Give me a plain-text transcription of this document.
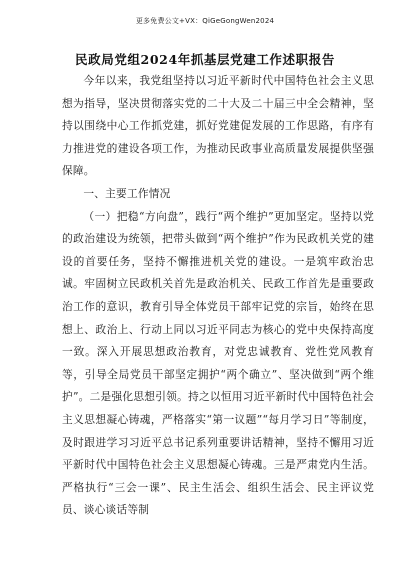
更多免费公文+VX：QiGeGongWen2024
民政局党组2024年抓基层党建工作述职报告

今年以来，我党组坚持以习近平新时代中国特色社会主义思想为指导，坚决贯彻落实党的二十大及二十届三中全会精神，坚持以围绕中心工作抓党建，抓好党建促发展的工作思路，有序有力推进党的建设各项工作，为推动民政事业高质量发展提供坚强保障。

一、主要工作情况

（一）把稳“方向盘”，践行“两个维护”更加坚定。坚持以党的政治建设为统领，把带头做到“两个维护”作为民政机关党的建设的首要任务，坚持不懈推进机关党的建设。一是筑牢政治忠诚。牢固树立民政机关首先是政治机关、民政工作首先是重要政治工作的意识，教育引导全体党员干部牢记党的宗旨，始终在思想上、政治上、行动上同以习近平同志为核心的党中央保持高度一致。深入开展思想政治教育，对党忠诚教育、党性党风教育等，引导全局党员干部坚定拥护“两个确立”、坚决做到“两个维护”。二是强化思想引领。持之以恒用习近平新时代中国特色社会主义思想凝心铸魂，严格落实“第一议题”“每月学习日”等制度，及时跟进学习习近平总书记系列重要讲话精神，坚持不懈用习近平新时代中国特色社会主义思想凝心铸魂。三是严肃党内生活。严格执行“三会一课”、民主生活会、组织生活会、民主评议党员、谈心谈话等制
